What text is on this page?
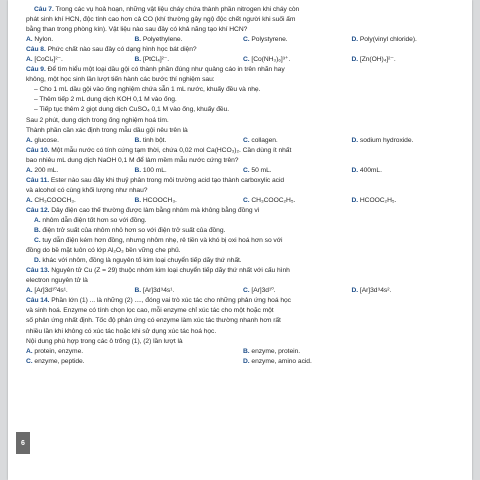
Câu 7. Trong các vụ hoả hoạn, những vật liệu cháy chứa thành phần nitrogen khi cháy còn
phát sinh khí HCN, độc tính cao hơn cả CO (khí thường gây ngộ độc chết người khi suối ấm
bằng than trong phòng kín). Vật liệu nào sau đây có khả năng tạo khí HCN?
A. Nylon.	B. Polyethylene.	C. Polystyrene.	D. Poly(vinyl chloride).
Câu 8. Phức chất nào sau đây có dạng hình học bát diện?
A. [CoCl₄]²⁻.	B. [PtCl₄]²⁻.	C. [Co(NH₃)₆]³⁺.	D. [Zn(OH)₄]²⁻.
Câu 9. Để tìm hiểu một loại dầu gội có thành phần đúng như quảng cáo in trên nhãn hay
không, một học sinh lần lượt tiến hành các bước thí nghiệm sau:
– Cho 1 mL dầu gội vào ống nghiệm chứa sẵn 1 mL nước, khuấy đều và nhẹ.
– Thêm tiếp 2 mL dung dịch KOH 0,1 M vào ống.
– Tiếp tục thêm 2 giọt dung dịch CuSO₄ 0,1 M vào ống, khuấy đều.
Sau 2 phút, dung dịch trong ống nghiệm hoá tím.
Thành phần cần xác định trong mẫu dầu gội nêu trên là
A. glucose.	B. tinh bột.	C. collagen.	D. sodium hydroxide.
Câu 10. Một mẫu nước có tính cứng tạm thời, chứa 0,02 mol Ca(HCO₃)₂. Cần dùng ít nhất
bao nhiêu mL dung dịch NaOH 0,1 M để làm mềm mẫu nước cứng trên?
A. 200 mL.	B. 100 mL.	C. 50 mL.	D. 400mL.
Câu 11. Ester nào sau đây khi thuỷ phân trong môi trường acid tạo thành carboxylic acid
và alcohol có cùng khối lượng như nhau?
A. CH₃COOCH₃.	B. HCOOCH₃.	C. CH₃COOC₂H₅.	D. HCOOC₂H₅.
Câu 12. Dây điện cao thế thường được làm bằng nhôm mà không bằng đồng vì
A. nhôm dẫn điện tốt hơn so với đồng.
B. điện trở suất của nhôm nhỏ hơn so với điện trở suất của đồng.
C. tuy dẫn điện kém hơn đồng, nhưng nhôm nhẹ, rẻ tiền và khó bị oxi hoá hơn so với
đồng do bề mặt luôn có lớp Al₂O₃ bền vững che phủ.
D. khác với nhôm, đồng là nguyên tố kim loại chuyển tiếp dãy thứ nhất.
Câu 13. Nguyên tử Cu (Z = 29) thuộc nhóm kim loại chuyển tiếp dãy thứ nhất với cấu hình
electron nguyên tử là
A. [Ar]3d¹⁰4s¹.	B. [Ar]3d⁹4s¹.	C. [Ar]3d¹⁰.	D. [Ar]3d⁹4s².
Câu 14. Phần lớn (1) ... là những (2) ...., đóng vai trò xúc tác cho những phản ứng hoá học
và sinh hoá. Enzyme có tính chọn lọc cao, mỗi enzyme chỉ xúc tác cho một hoặc một
số phản ứng nhất định. Tốc độ phản ứng có enzyme làm xúc tác thường nhanh hơn rất
nhiều lần khi không có xúc tác hoặc khi sử dụng xúc tác hoá học.
Nội dung phù hợp trong các ô trống (1), (2) lần lượt là
A. protein, enzyme.	B. enzyme, protein.
C. enzyme, peptide.	D. enzyme, amino acid.
6
